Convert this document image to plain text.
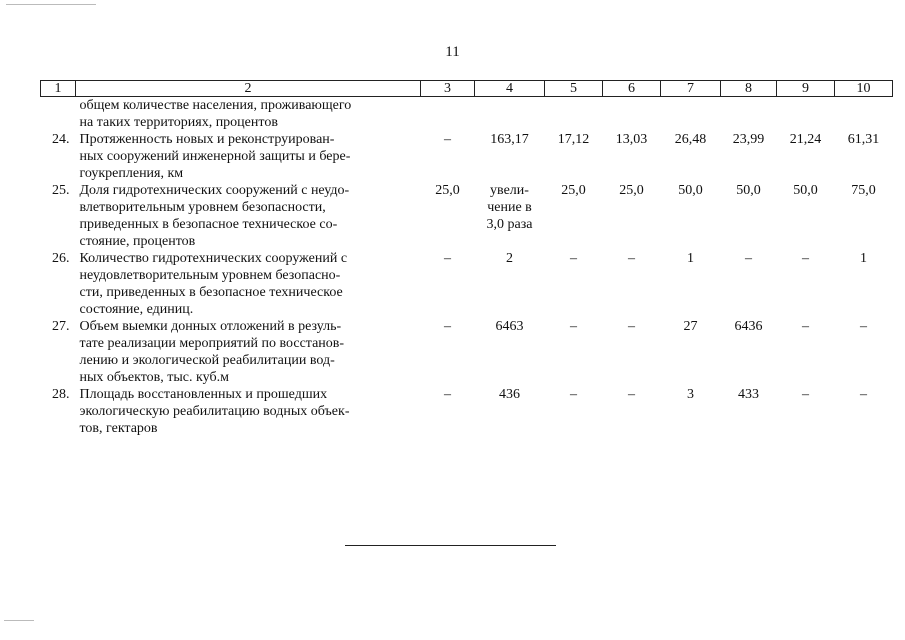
11
1	2	3	4	5	6	7	8	9	10

	общем количестве населения, проживающего
на таких территориях, процентов								

24.	Протяженность новых и реконструирован-
ных сооружений инженерной защиты и бере-
гоукрепления, км	–	163,17	17,12	13,03	26,48	23,99	21,24	61,31
25.	Доля гидротехнических сооружений с неудо-
влетворительным уровнем безопасности,
приведенных в безопасное техническое со-
стояние, процентов	25,0	увели-
чение в
3,0 раза	25,0	25,0	50,0	50,0	50,0	75,0
26.	Количество гидротехнических сооружений с
неудовлетворительным уровнем безопасно-
сти, приведенных в безопасное техническое
состояние, единиц.	–	2	–	–	1	–	–	1
27.	Объем выемки донных отложений в резуль-
тате реализации мероприятий по восстанов-
лению и экологической реабилитации вод-
ных объектов, тыс. куб.м	–	6463	–	–	27	6436	–	–
28.	Площадь восстановленных и прошедших
экологическую реабилитацию водных объек-
тов, гектаров	–	436	–	–	3	433	–	–
